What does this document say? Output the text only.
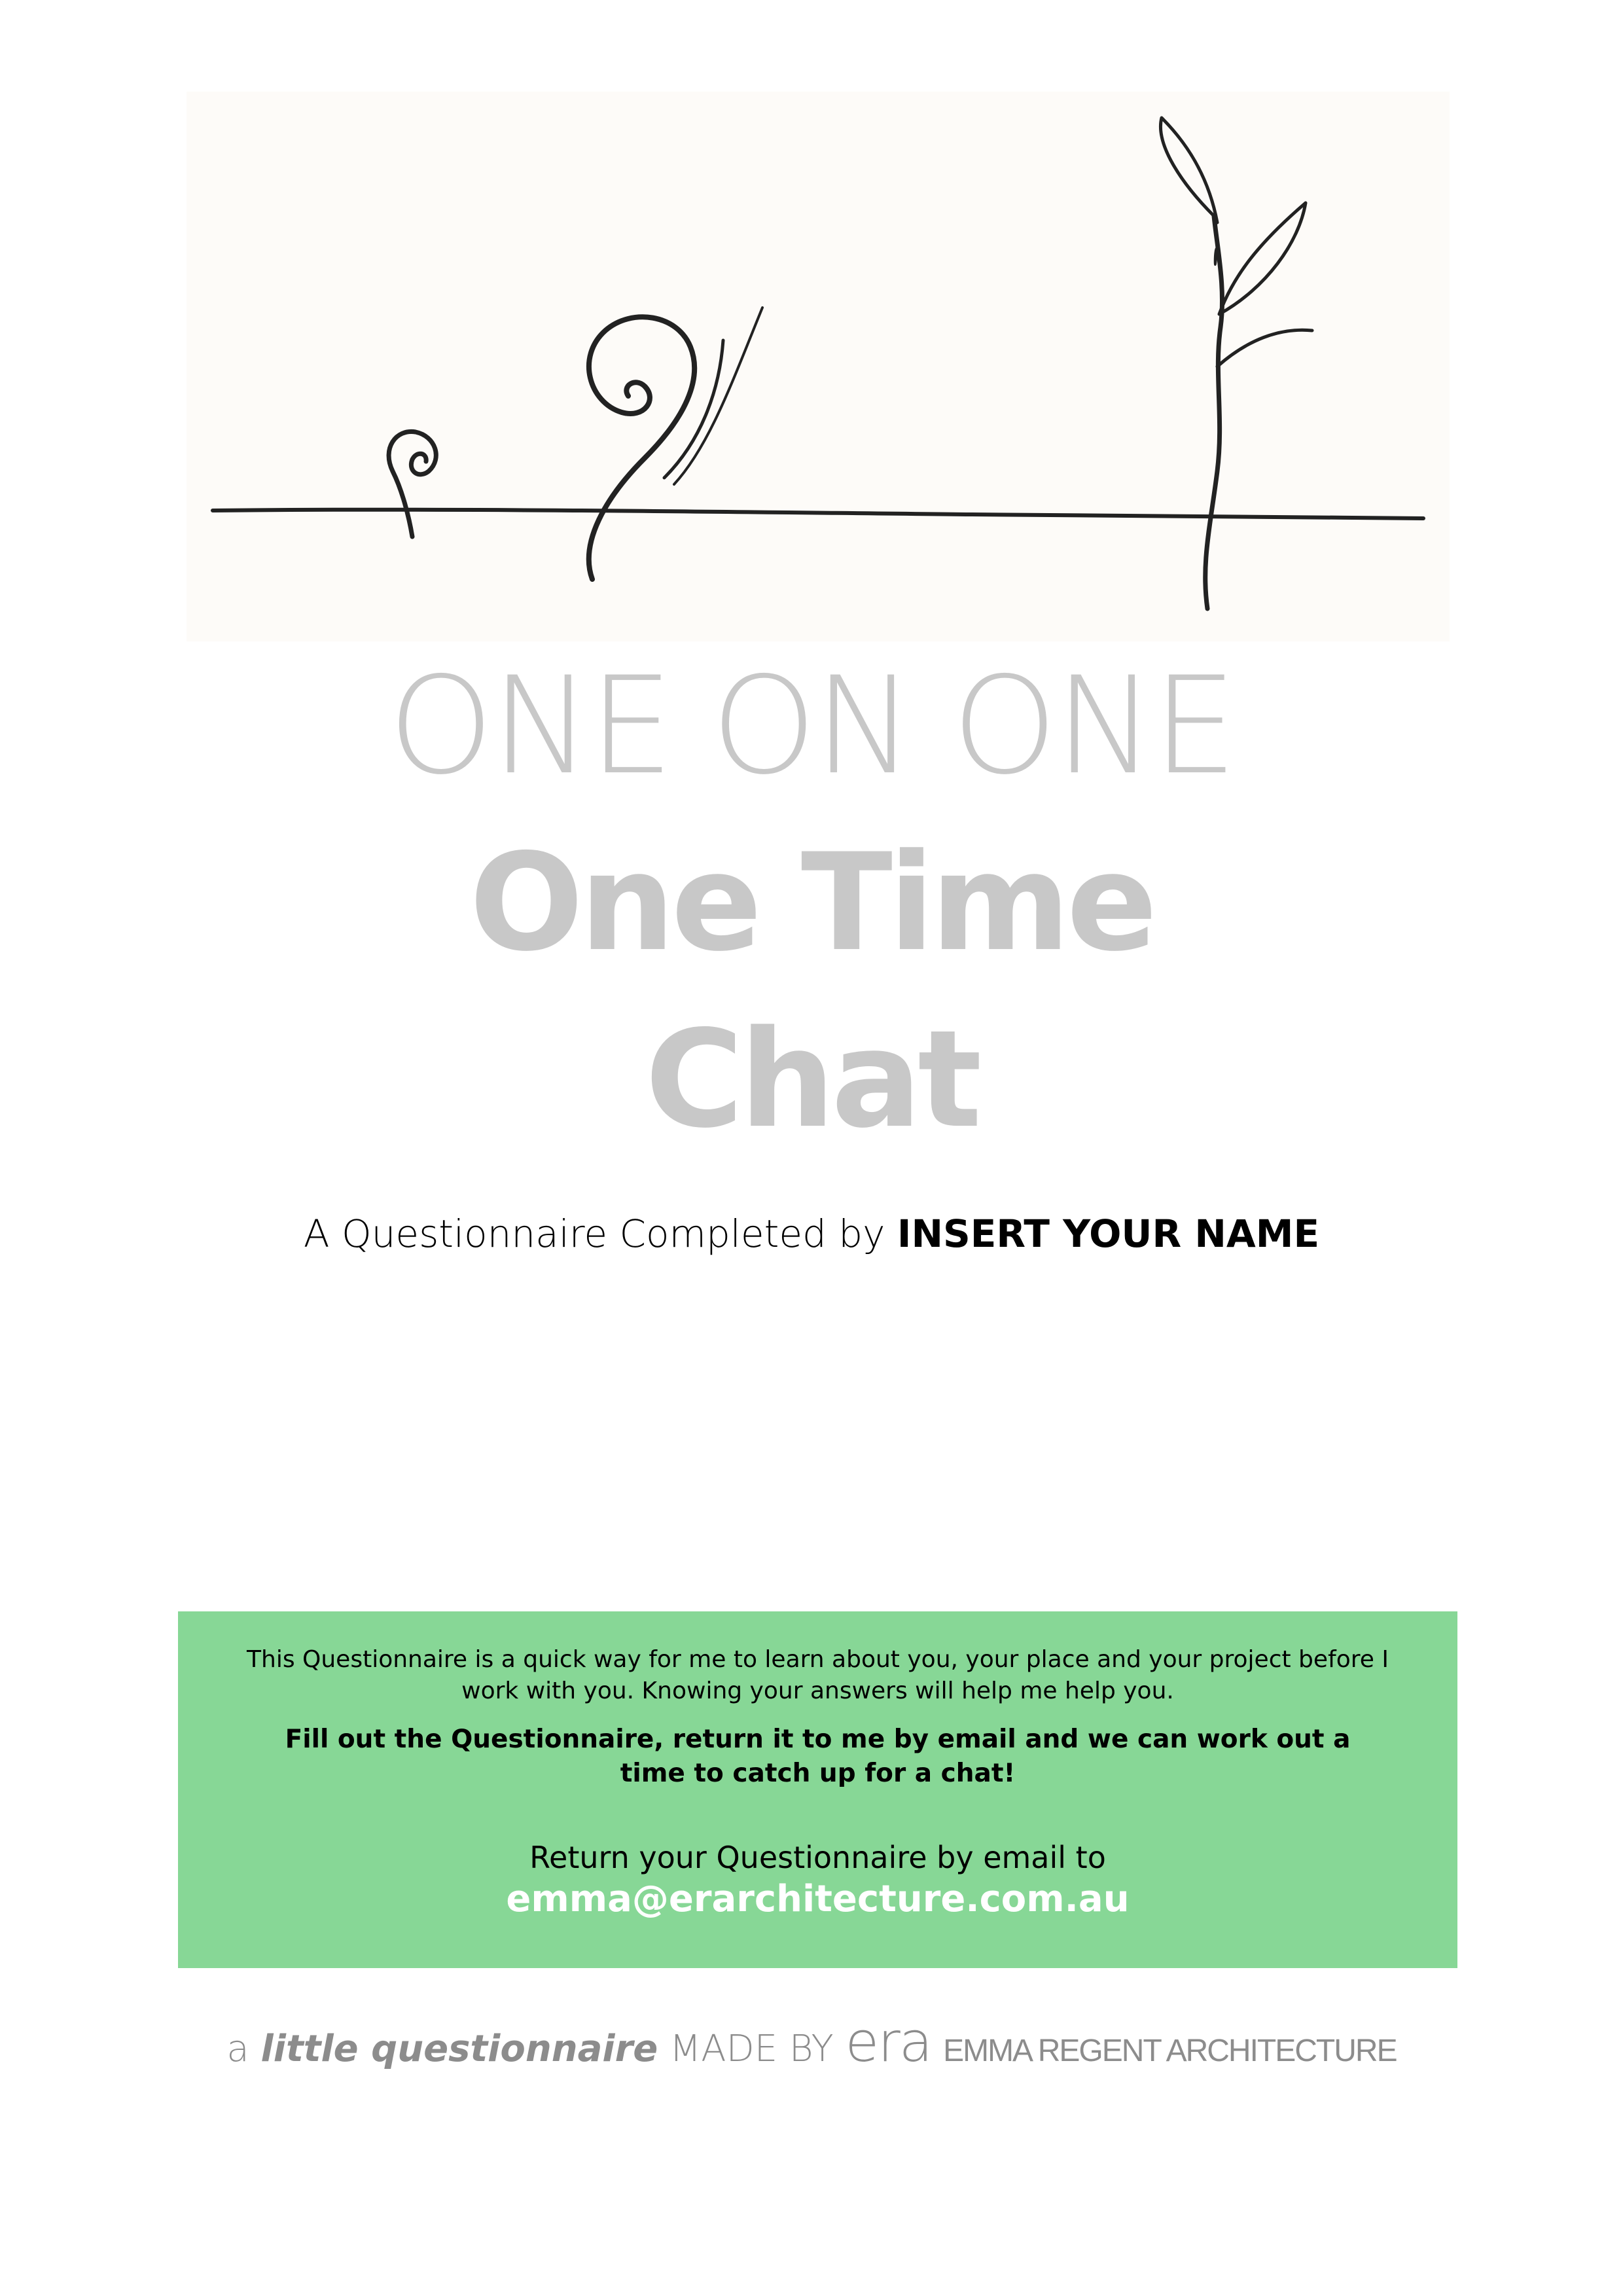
ONE ON ONE
One Time
Chat
A Questionnaire Completed by INSERT YOUR NAME

This Questionnaire is a quick way for me to learn about you, your place and your project before I work with you. Knowing your answers will help me help you.

Fill out the Questionnaire, return it to me by email and we can work out a time to catch up for a chat!

Return your Questionnaire by email to

emma@erarchitecture.com.au

a little questionnaire MADE BY era EMMA REGENT ARCHITECTURE
